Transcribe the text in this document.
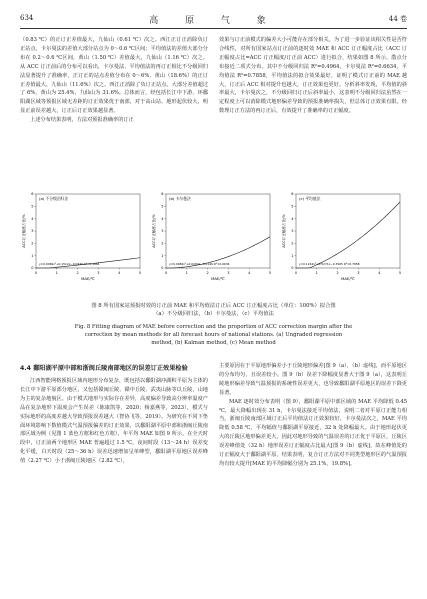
634	高 原 气 象	44 卷

（0.83 ℃）的正订正差值最大，九仙山（0.61 ℃）次之。西江正订正消除负订正站点，卡尔曼法的差值大部分站点为 0～0.6 ℃区间；平均值法的差值大部分分布在 0.2～0.6 ℃区间，黄山（1.50 ℃）差值最大，九仙山（1.16 ℃）次之。从 ACC 订正前后的分布可以看出，卡尔曼法、平均值法的再订正相比不分级回归法显著提升了准确率，正订正的站点差值分布在 0～6%，黄山（18.6%）的正订正差值最大，九仙山（11.6%）次之。西江正消除了负订正站点，大部分差值超过了 6%，黄山为 25.4%，九仙山为 31.6%。总体而言，经包括长江中下游、环鄱阳湖区域等预报区域无差距的订正效果优于南部，对于高山站、地形起伏较大、明显正前误差越大，订正后订正效果越显著。

上述分布结果表明，方法对预报准确率的订正

效果与订正前模式的偏差大小可能存在部分相关。为了进一步验证该相关性是否符合线性，对所有国家站点订正前的逐时效 MAE 和 ACC 订正幅度占比（ACC 订正幅度占比=ACC 订正幅度/订正前 ACC）进行拟合，结果如图 8 所示。散点分布接近二项式分布。其中不分级回归法 R²=0.4964，卡尔曼法 R²=0.6634，平均值法 R²=0.7858，平均值法的拟合效果最好，证明了模式订正前的 MAE 越大，订正后 ACC 相对提升也越大，订正效果也更好。分析斜率发现，平均值的斜率最大，卡尔曼次之，不分级回归订正后斜率最小，这表明不分级回归法虽然在一定程度上可以消除模式地形偏差导致的预报准确率损失，但总体订正效果有限。经数理订正方法的再订正后，有效提升了准确率的订正幅度。

0	1	2	3	4	5
0
1
2
3
4
5
6
(a) 不分级回归法
y=0.0069x²+0.1512x−0.0946 R²=0.4964
MAE/℃
ACC订正幅度占比/%
0	1	2	3	4	5
0
1
2
3
4
5
6
(b) 卡尔曼法
y=0.0984x²+0.0184x−0.0146 R²=0.6634
MAE/℃
ACC订正幅度占比/%
0	1	2	3	4	5
0
1
2
3
4
5
6
(c) 平均值法
y=0.1244x²+0.5271x−0.3905 R²=0.7858
MAE/℃
ACC订正幅度占比/%
图 8 所有国家站预报时效的订正前 MAE 和平均值法订正后 ACC 订正幅度占比（单位：100%）拟合图
（a）不分级回归法，（b）卡尔曼法，（c）平均值法
Fig. 8 Fitting diagram of MAE before correction and the proportion of ACC correction margin after the
correction by mean methods for all forecast hours of national stations. (a) Ungraded regression
method, (b) Kalman method, (c) Mean method
4.4 鄱阳湖平原中部和浙闽丘陵南部地区的误差订正效果检验

江西智能网格预报区域内地形分布复杂，既包括以鄱阳湖冲湖积平原为主体的长江中下游平原部分地区，又包括赣闽丘陵、赣中丘陵、武夷山脉等以丘陵、山地为主的复杂地貌区。由于模式地形与实际存在差异，高度偏差导致高分辨率温度产品在复杂地形下温度会产生误差（陈康凯等，2020；杨嘉燕等，2023），模式与实际地形的高度差越大导致预报误差越大（智协飞等，2019）。为研究在不同下垫面环境影响下数值模式气温预报偏差的订正效果，以鄱阳湖平原中部和浙闽丘陵南部区域为例（见图 1 蓝色方框和红色方框），年平均 MAE 如图 9 所示。在全天时段中，订正前两个地形区 MAE 普遍超过 1.5 ℃，夜间时段（13～24 h）误差变化平缓，白天时段（25～36 h）误差迅速增加呈单峰型，鄱阳湖平原地区误差峰值（2.27 ℃）小于浙闽丘陵地区（2.82 ℃），

主要原因在于平原地形偏差小于丘陵地形偏差[图 9（a），（b）虚线]，而平原地区的分布均匀，且误差较小。图 9（b）误差下降幅度显著大于图 9（a），这表明丘陵地形偏差导致气温预报的系统性误差更大，也导致鄱阳湖平原地区的误差下降更显著。

MAE 逐时效分布表明（图 9），鄱阳湖平原中部区域的 MAE 平均降低 0.45 ℃，最大降幅出现在 31 h，卡尔曼法接近平均值法，说明二者对平原订正能力相当。浙闽丘陵南部区域订正后平均值法订正效果较好，卡尔曼法次之，MAE 平均降低 0.58 ℃，平均幅值与鄱阳湖平原接近，32 h 处降幅最大。由于地形起伏更大的丘陵区地形偏差更大，因此对地形导致的气温误差的订正优于平原区，丘陵区误差峰值处（32 h）地形误差订正幅度占比最大[图 9（b）虚线]，故在峰值处的订正幅度大于鄱阳湖平原。结果表明，复合订正方法对不同类型地形区的气温预报均有较大提升[MAE 的平均降幅分别为 25.1%，19.8%]。
